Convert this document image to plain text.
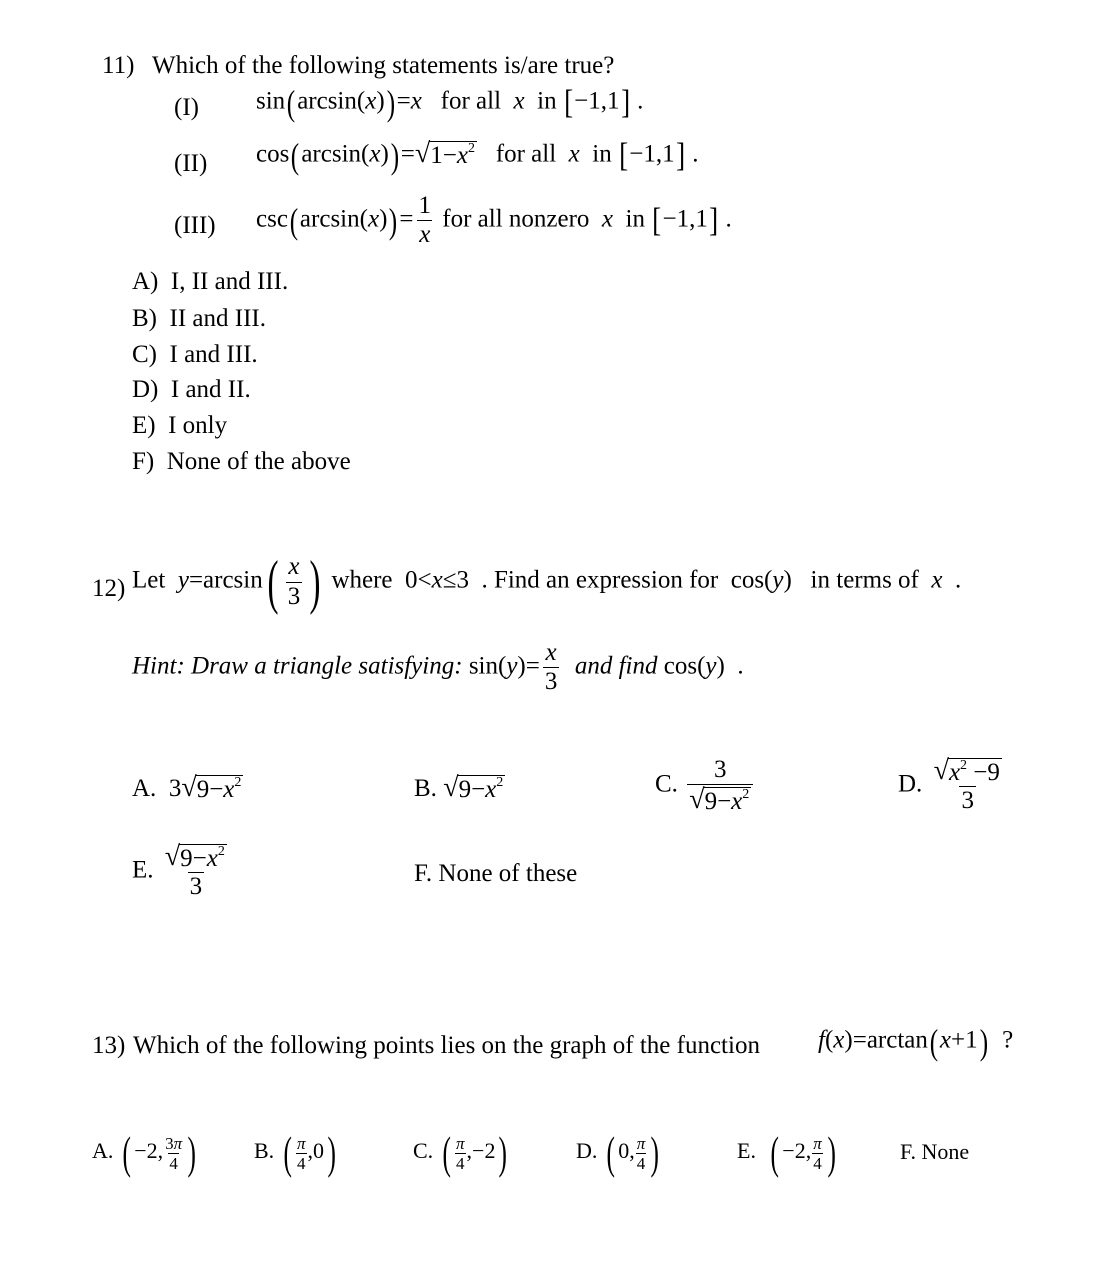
11) Which of the following statements is/are true?
(I) sin(arcsin(x))=x   for all  x  in [−1,1] .
(II) cos(arcsin(x))= √ $1-x^2$ for all  x  in [−1,1] .
(III) $\csc(\arcsin(x))= \frac{1}{x}$ for all nonzero  x  in [−1,1] .
A) I, II and III.
B) II and III.
C) I and III.
D) I and II.
E) I only
F) None of the above
12) Let $y=\arcsin( \frac{x}{3}$ ) where  0<x≤3  . Find an expression for  cos(y)   in terms of  x  .
Hint: Draw a triangle satisfying: $\sin(y)= \frac{x}{3}$ and find cos(y) .
A.  3 √ $9-x^2$	B. √ $9-x^2$	C. $\frac{3}{√ 9-x^2}$	D. $\frac{√ x^2 -9}{3}$
E. $\frac{√ 9-x^2}{3}$	F. None of these
13) Which of the following points lies on the graph of the function f(x)=arctan(x+1) ?
A. ( −2, $\frac{3\pi}{4}$ )	B. ( $\frac{\pi}{4} ,0$)	C. ( $\frac{\pi}{4} ,-2$)	D. ( 0, $\frac{\pi}{4}$ )	E. ( −2, $\frac{\pi}{4}$ )	F. None
